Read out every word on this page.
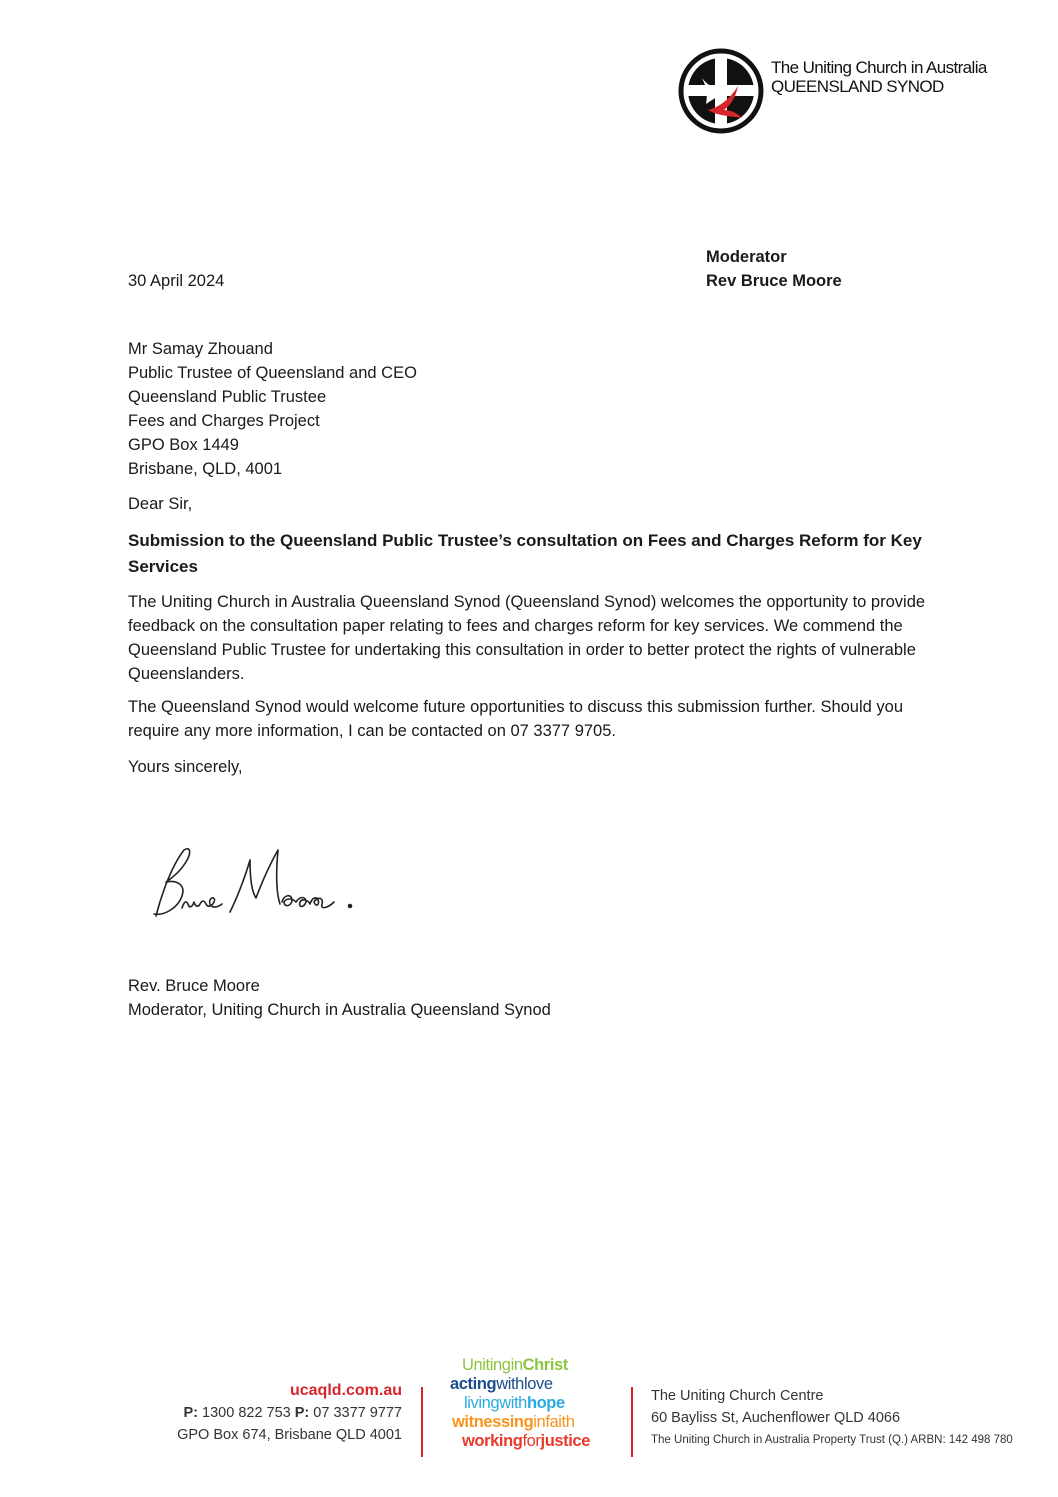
The Uniting Church in Australia
QUEENSLAND SYNOD
Moderator
Rev Bruce Moore
30 April 2024
Mr Samay Zhouand
Public Trustee of Queensland and CEO
Queensland Public Trustee
Fees and Charges Project
GPO Box 1449
Brisbane, QLD, 4001
Dear Sir,
Submission to the Queensland Public Trustee’s consultation on Fees and Charges Reform for Key Services
The Uniting Church in Australia Queensland Synod (Queensland Synod) welcomes the opportunity to provide feedback on the consultation paper relating to fees and charges reform for key services. We commend the Queensland Public Trustee for undertaking this consultation in order to better protect the rights of vulnerable Queenslanders.
The Queensland Synod would welcome future opportunities to discuss this submission further. Should you require any more information, I can be contacted on 07 3377 9705.
Yours sincerely,
Rev. Bruce Moore
Moderator, Uniting Church in Australia Queensland Synod
ucaqld.com.au
P: 1300 822 753 P: 07 3377 9777
GPO Box 674, Brisbane QLD 4001
UnitinginChrist
actingwithlove
livingwithhope
witnessinginfaith
workingforjustice
The Uniting Church Centre
60 Bayliss St, Auchenflower QLD 4066
The Uniting Church in Australia Property Trust (Q.) ARBN: 142 498 780
